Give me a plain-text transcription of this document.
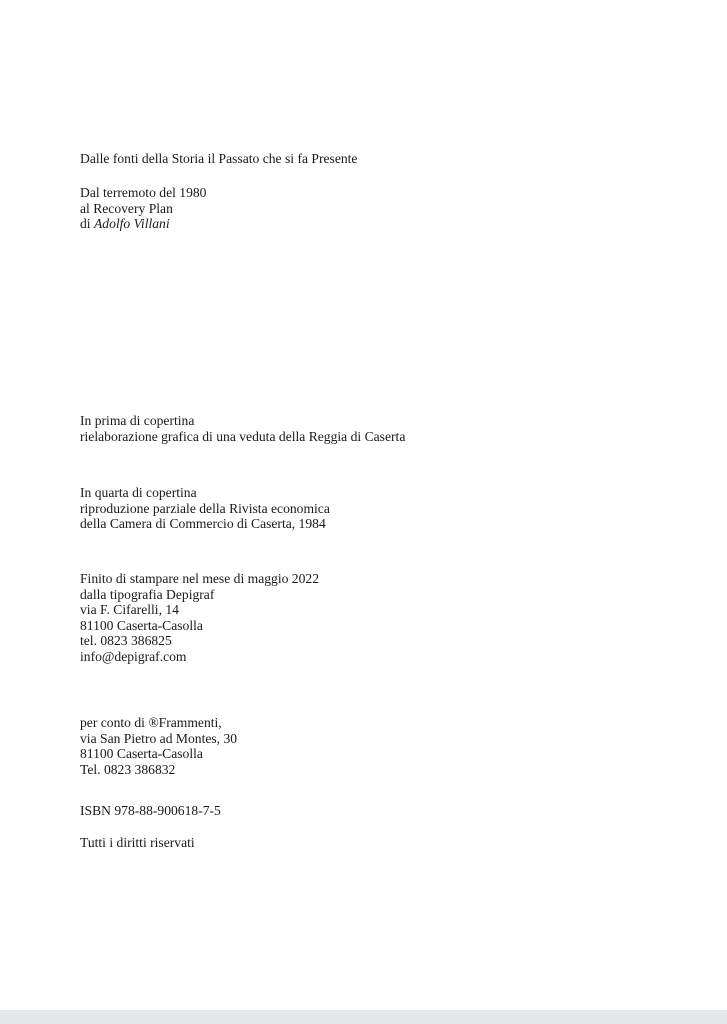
Dalle fonti della Storia il Passato che si fa Presente

Dal terremoto del 1980

al Recovery Plan

di Adolfo Villani

In prima di copertina

rielaborazione grafica di una veduta della Reggia di Caserta

In quarta di copertina

riproduzione parziale della Rivista economica

della Camera di Commercio di Caserta, 1984

Finito di stampare nel mese di maggio 2022

dalla tipografia Depigraf

via F. Cifarelli, 14

81100 Caserta-Casolla

tel. 0823 386825

info@depigraf.com

per conto di ®Frammenti,

via San Pietro ad Montes, 30

81100 Caserta-Casolla

Tel. 0823 386832

ISBN 978-88-900618-7-5

Tutti i diritti riservati
